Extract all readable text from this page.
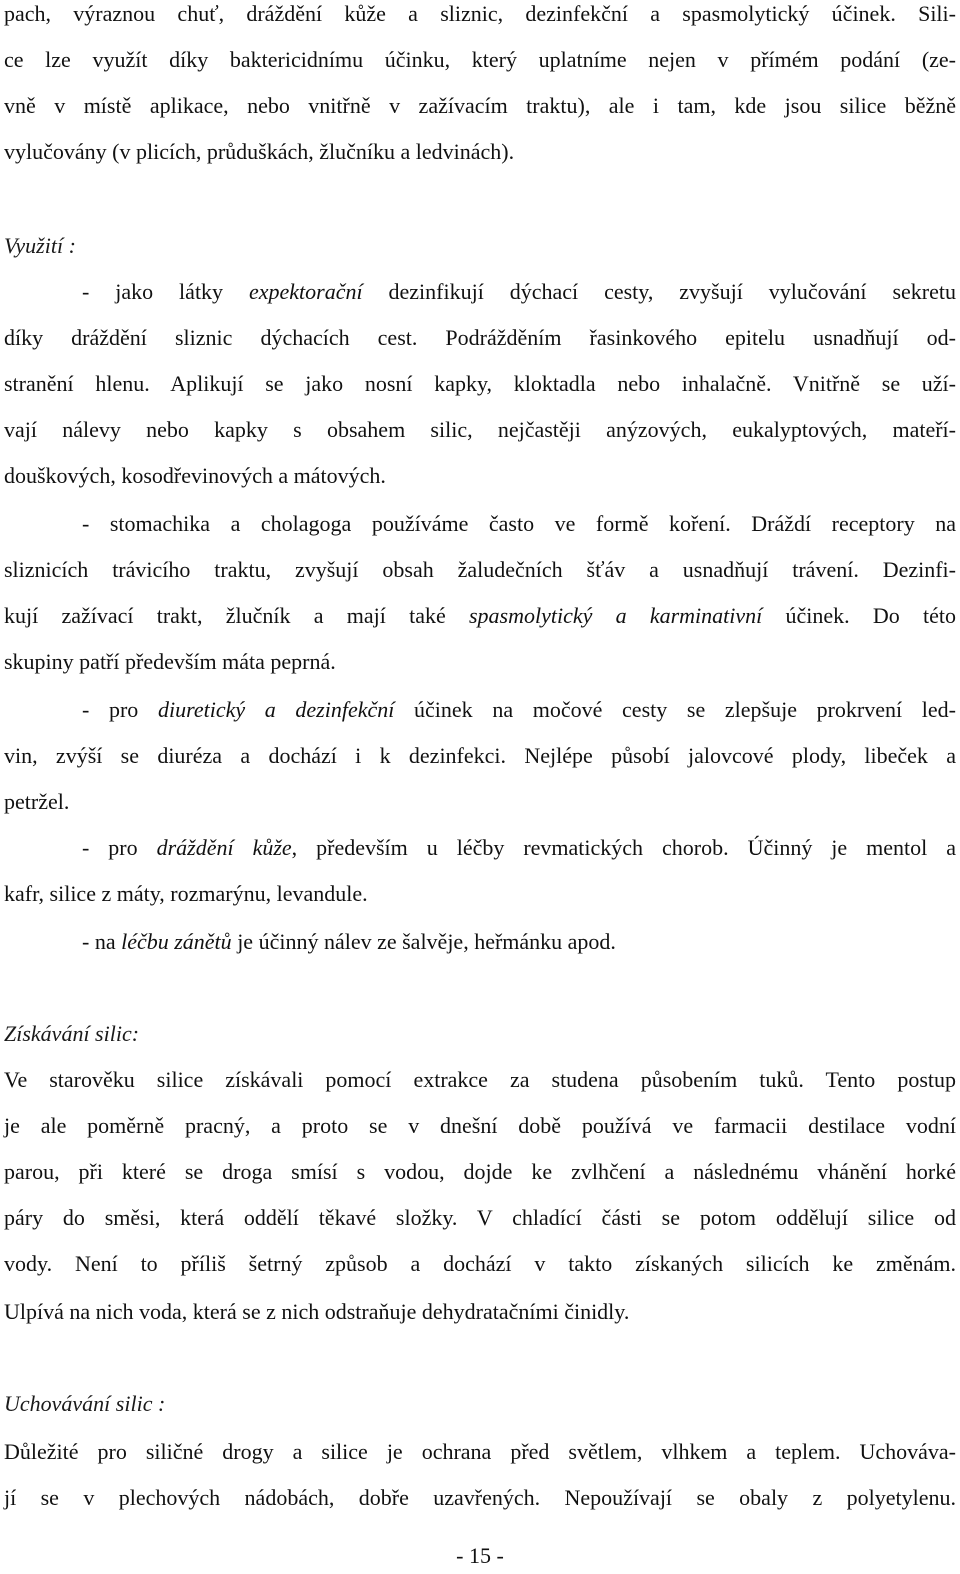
pach, výraznou chuť, dráždění kůže a sliznic, dezinfekční a spasmolytický účinek. Sili-
ce lze využít díky baktericidnímu účinku, který uplatníme nejen v přímém podání (ze-
vně v místě aplikace, nebo vnitřně v zažívacím traktu), ale i tam, kde jsou silice běžně
vylučovány (v plicích, průduškách, žlučníku a ledvinách).
Využití :
- jako látky expektorační dezinfikují dýchací cesty, zvyšují vylučování sekretu
díky dráždění sliznic dýchacích cest. Podrážděním řasinkového epitelu usnadňují od-
stranění hlenu. Aplikují se jako nosní kapky, kloktadla nebo inhalačně. Vnitřně se uží-
vají nálevy nebo kapky s obsahem silic, nejčastěji anýzových, eukalyptových, mateří-
douškových, kosodřevinových a mátových.
- stomachika a cholagoga používáme často ve formě koření. Dráždí receptory na
sliznicích trávicího traktu, zvyšují obsah žaludečních šťáv a usnadňují trávení. Dezinfi-
kují zažívací trakt, žlučník a mají také spasmolytický a karminativní účinek. Do této
skupiny patří především máta peprná.
- pro diuretický a dezinfekční účinek na močové cesty se zlepšuje prokrvení led-
vin, zvýší se diuréza a dochází i k dezinfekci. Nejlépe působí jalovcové plody, libeček a
petržel.
- pro dráždění kůže, především u léčby revmatických chorob. Účinný je mentol a
kafr, silice z máty, rozmarýnu, levandule.
- na léčbu zánětů je účinný nálev ze šalvěje, heřmánku apod.
Získávání silic:
Ve starověku silice získávali pomocí extrakce za studena působením tuků. Tento postup
je ale poměrně pracný, a proto se v dnešní době používá ve farmacii destilace vodní
parou, při které se droga smísí s vodou, dojde ke zvlhčení a následnému vhánění horké
páry do směsi, která oddělí těkavé složky. V chladící části se potom oddělují silice od
vody. Není to příliš šetrný způsob a dochází v takto získaných silicích ke změnám.
Ulpívá na nich voda, která se z nich odstraňuje dehydratačními činidly.
Uchovávání silic :
Důležité pro siličné drogy a silice je ochrana před světlem, vlhkem a teplem. Uchováva-
jí se v plechových nádobách, dobře uzavřených. Nepoužívají se obaly z polyetylenu.
- 15 -
